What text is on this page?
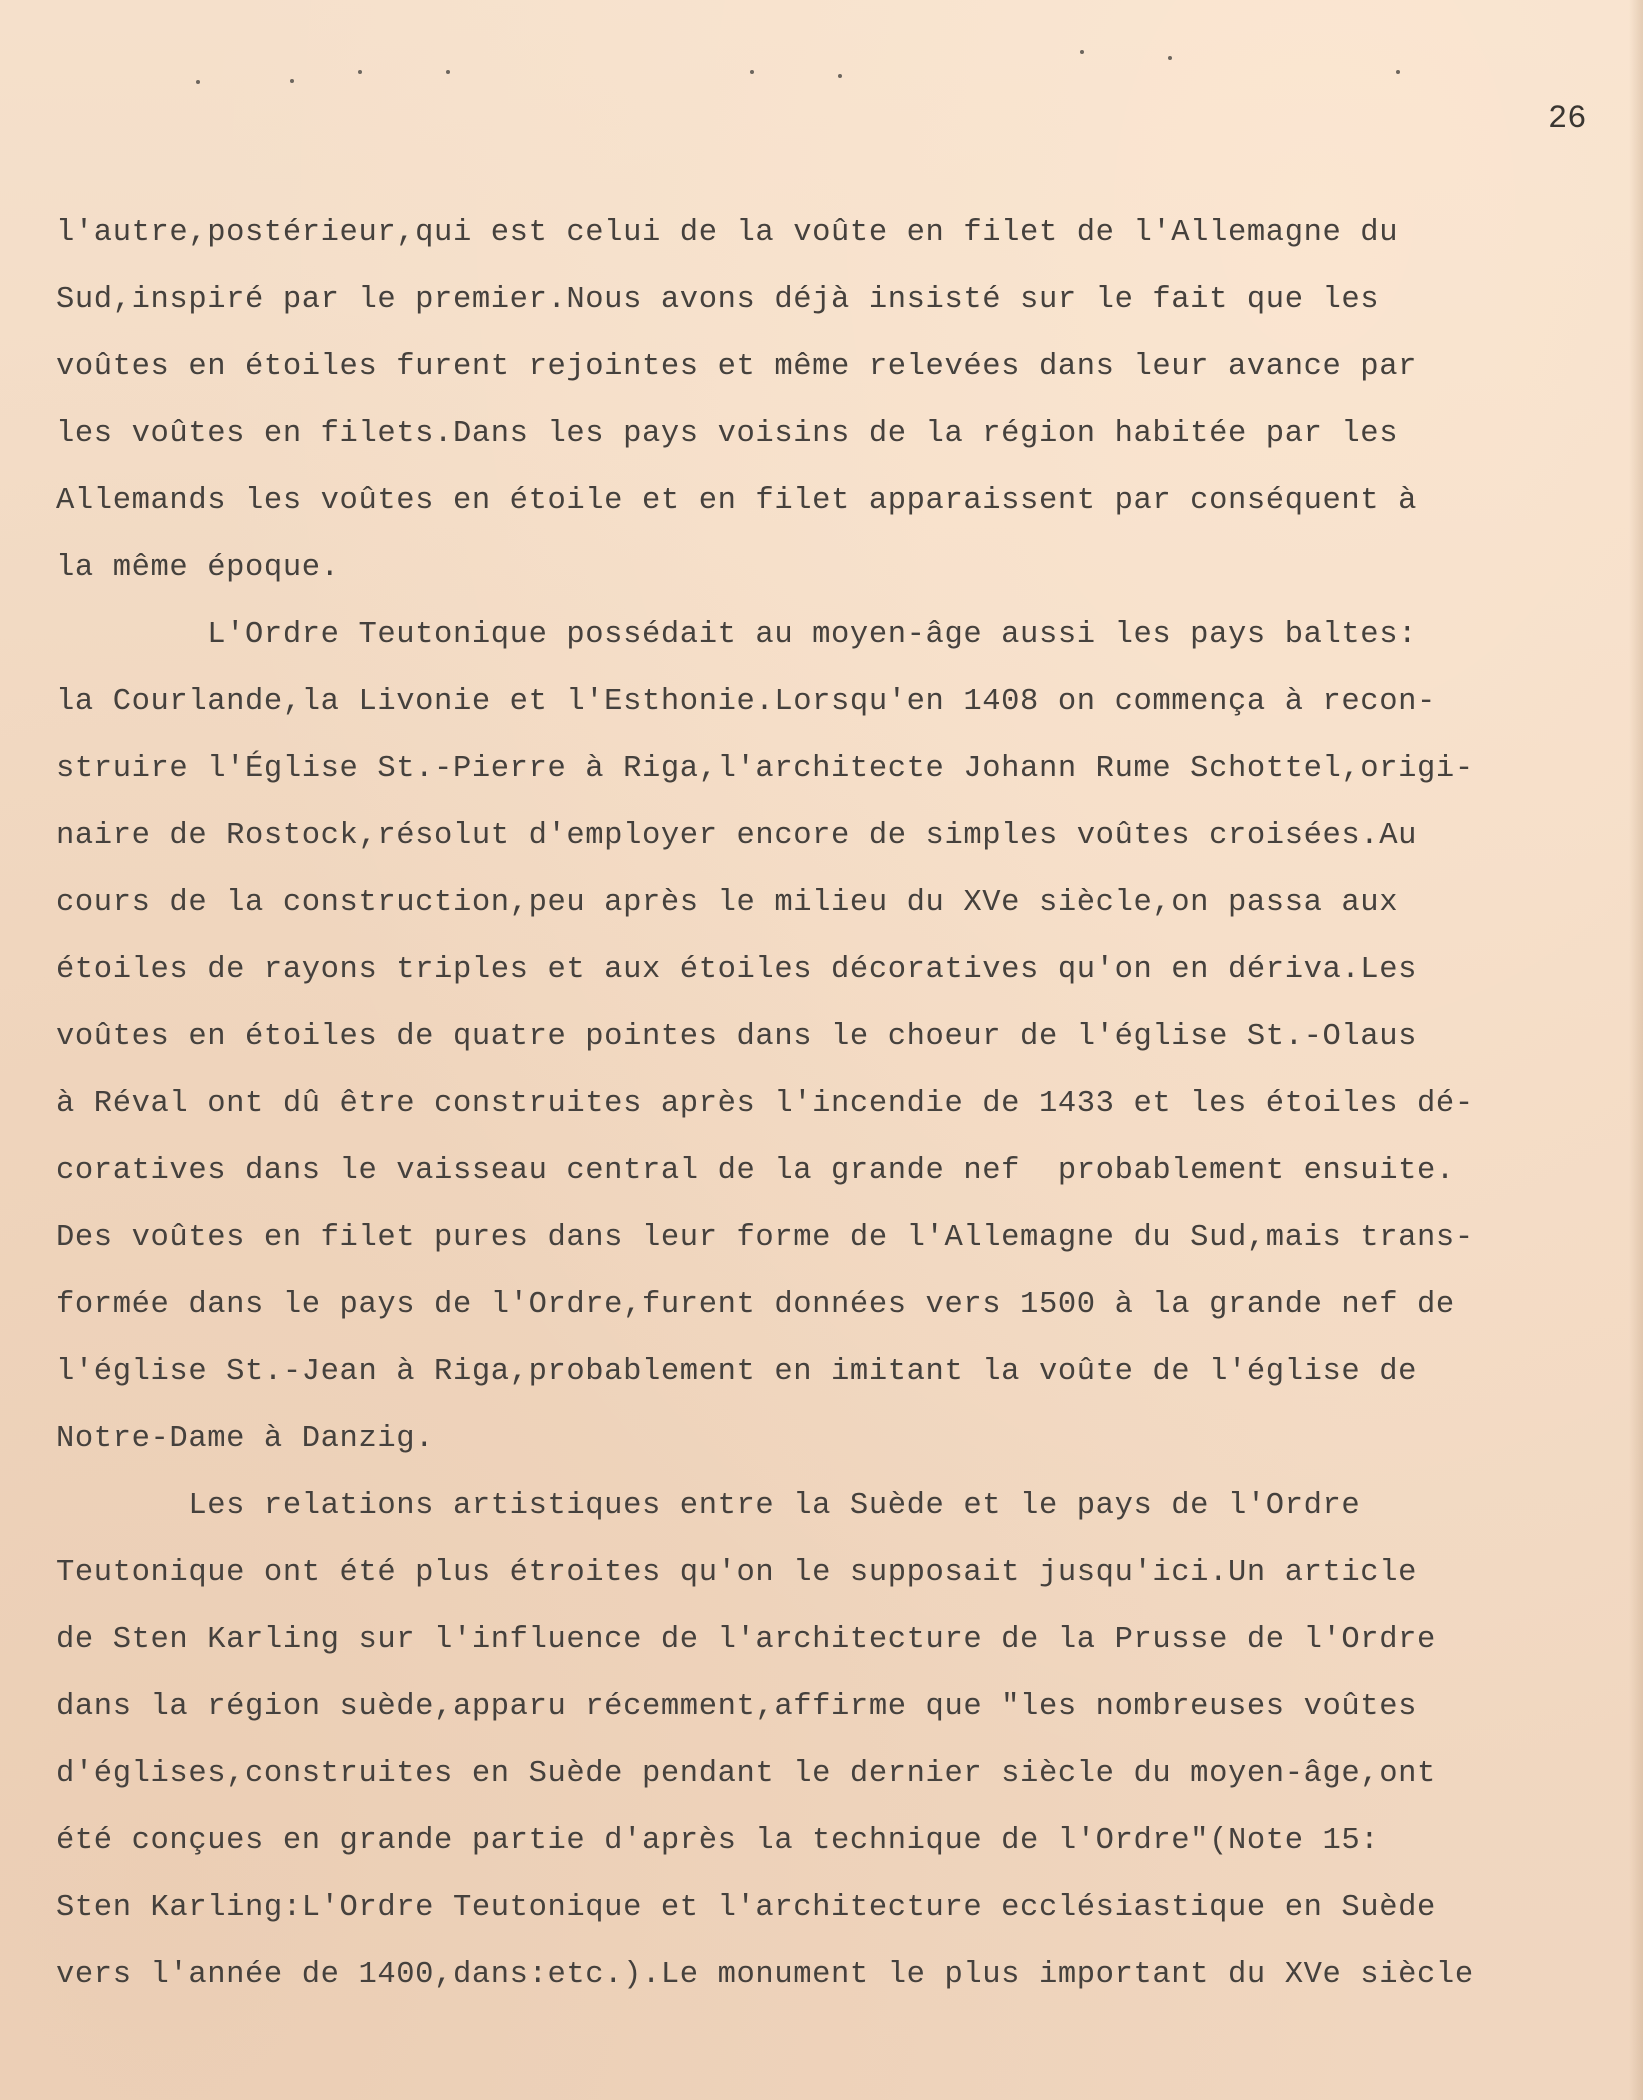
26
l'autre,postérieur,qui est celui de la voûte en filet de l'Allemagne du
Sud,inspiré par le premier.Nous avons déjà insisté sur le fait que les
voûtes en étoiles furent rejointes et même relevées dans leur avance par
les voûtes en filets.Dans les pays voisins de la région habitée par les
Allemands les voûtes en étoile et en filet apparaissent par conséquent à
la même époque.
L'Ordre Teutonique possédait au moyen-âge aussi les pays baltes:
la Courlande,la Livonie et l'Esthonie.Lorsqu'en 1408 on commença à recon-
struire l'Église St.-Pierre à Riga,l'architecte Johann Rume Schottel,origi-
naire de Rostock,résolut d'employer encore de simples voûtes croisées.Au
cours de la construction,peu après le milieu du XVe siècle,on passa aux
étoiles de rayons triples et aux étoiles décoratives qu'on en dériva.Les
voûtes en étoiles de quatre pointes dans le choeur de l'église St.-Olaus
à Réval ont dû être construites après l'incendie de 1433 et les étoiles dé-
coratives dans le vaisseau central de la grande nef  probablement ensuite.
Des voûtes en filet pures dans leur forme de l'Allemagne du Sud,mais trans-
formée dans le pays de l'Ordre,furent données vers 1500 à la grande nef de
l'église St.-Jean à Riga,probablement en imitant la voûte de l'église de
Notre-Dame à Danzig.
Les relations artistiques entre la Suède et le pays de l'Ordre
Teutonique ont été plus étroites qu'on le supposait jusqu'ici.Un article
de Sten Karling sur l'influence de l'architecture de la Prusse de l'Ordre
dans la région suède,apparu récemment,affirme que "les nombreuses voûtes
d'églises,construites en Suède pendant le dernier siècle du moyen-âge,ont
été conçues en grande partie d'après la technique de l'Ordre"(Note 15:
Sten Karling:L'Ordre Teutonique et l'architecture ecclésiastique en Suède
vers l'année de 1400,dans:etc.).Le monument le plus important du XVe siècle
